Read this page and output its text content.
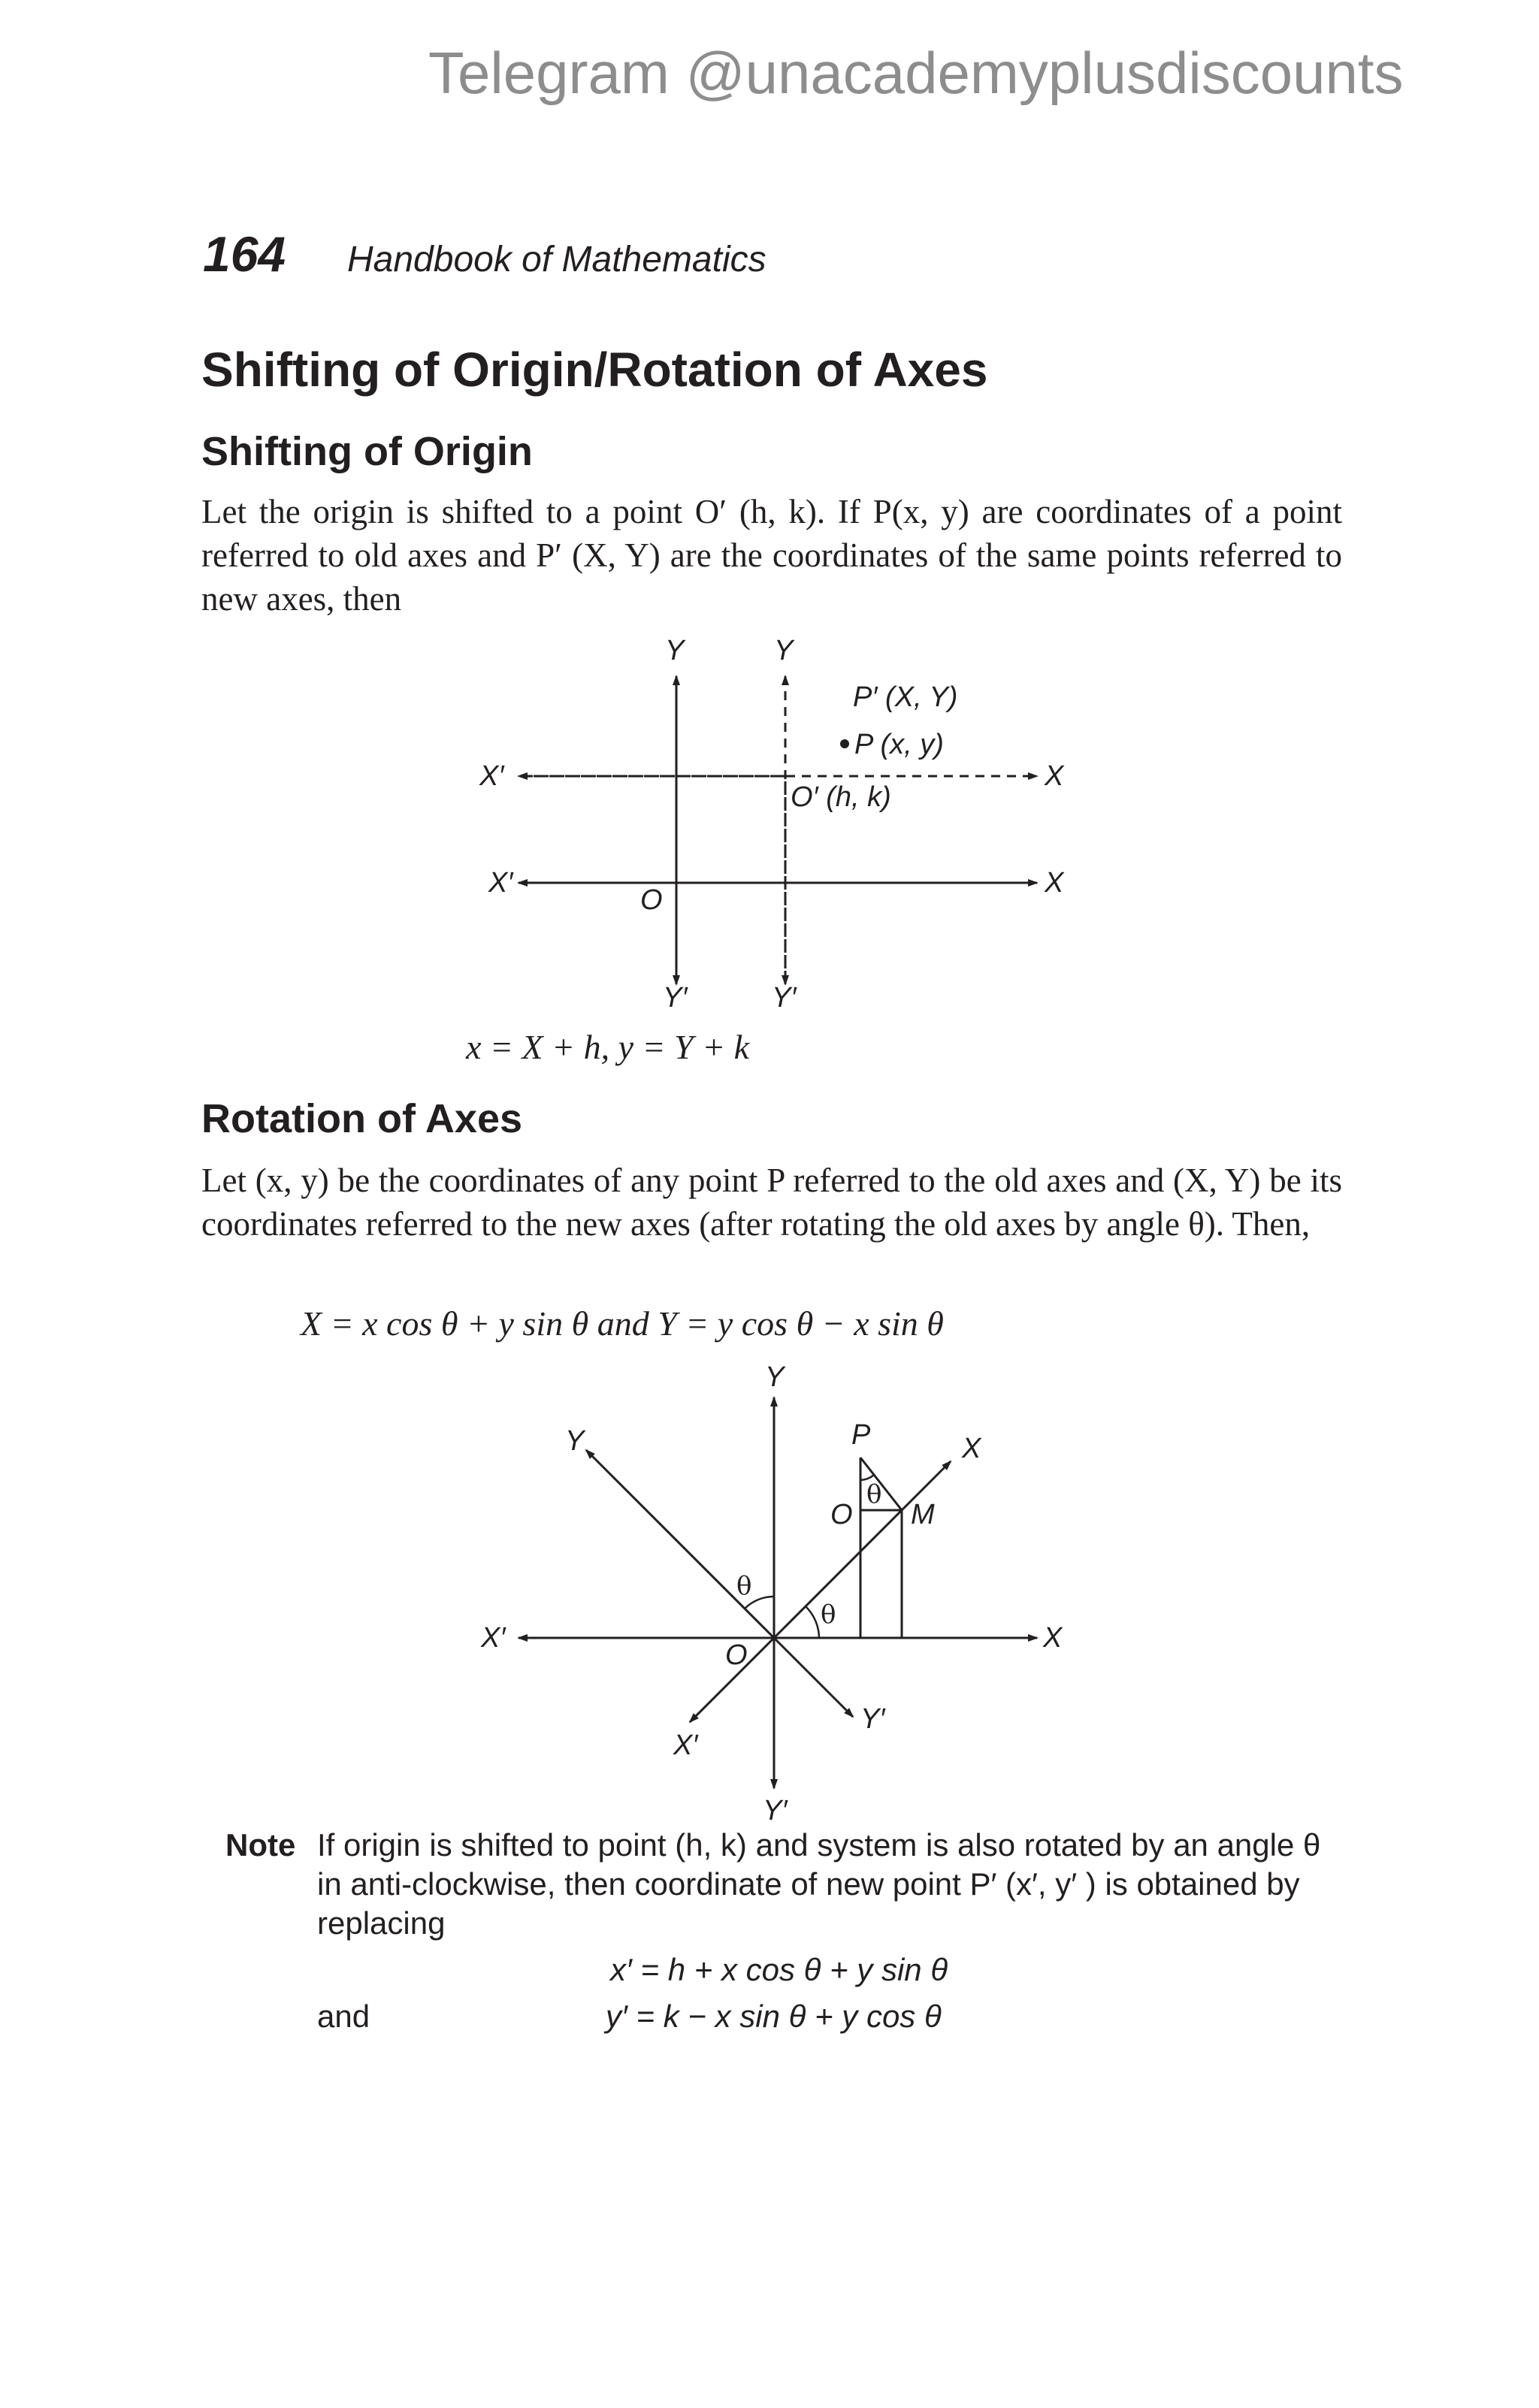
Telegram @unacademyplusdiscounts
164 Handbook of Mathematics
Shifting of Origin/Rotation of Axes
Shifting of Origin

Let the origin is shifted to a point O′ (h, k). If P(x, y) are coordinates of a point referred to old axes and P′ (X, Y) are the coordinates of the same points referred to new axes, then

Y	Y
P′ (X, Y)
P (x, y)
X′	X
O′ (h, k)
X′	X
O
Y′	Y′
x = X + h, y = Y + k
Rotation of Axes

Let (x, y) be the coordinates of any point P referred to the old axes and (X, Y) be its coordinates referred to the new axes (after rotating the old axes by angle θ). Then,

X = x cos θ + y sin θ and Y = y cos θ − x sin θ
Y
Y	P	X
θ
O M
θ
θ
X′	X
O
X′
Y′
Y′
Note If origin is shifted to point (h, k) and system is also rotated by an angle θ in anti-clockwise, then coordinate of new point P′ (x′, y′ ) is obtained by replacing

x′ = h + x cos θ + y sin θ
and	y′ = k − x sin θ + y cos θ
